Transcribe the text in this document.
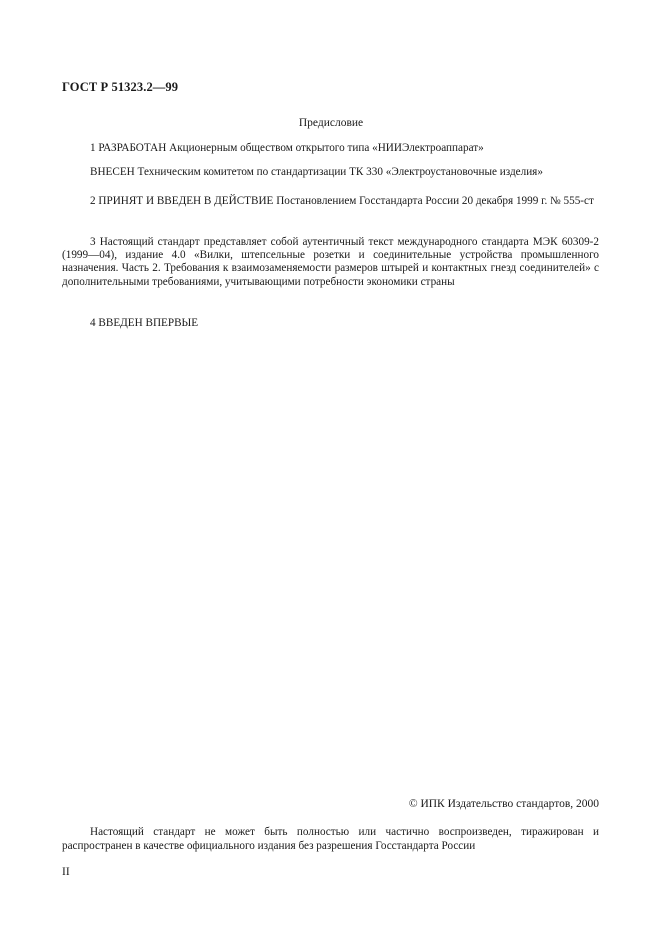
ГОСТ Р 51323.2—99
Предисловие

1 РАЗРАБОТАН Акционерным обществом открытого типа «НИИЭлектроаппарат»

ВНЕСЕН Техническим комитетом по стандартизации ТК 330 «Электроустановочные изделия»

2 ПРИНЯТ И ВВЕДЕН В ДЕЙСТВИЕ Постановлением Госстандарта России 20 декабря 1999 г. № 555-ст

3 Настоящий стандарт представляет собой аутентичный текст международного стандарта МЭК 60309-2 (1999—04), издание 4.0 «Вилки, штепсельные розетки и соединительные устройства промышленного назначения. Часть 2. Требования к взаимозаменяемости размеров штырей и контактных гнезд соединителей» с дополнительными требованиями, учитывающими потребности экономики страны

4 ВВЕДЕН ВПЕРВЫЕ

© ИПК Издательство стандартов, 2000

Настоящий стандарт не может быть полностью или частично воспроизведен, тиражирован и распространен в качестве официального издания без разрешения Госстандарта России

II
